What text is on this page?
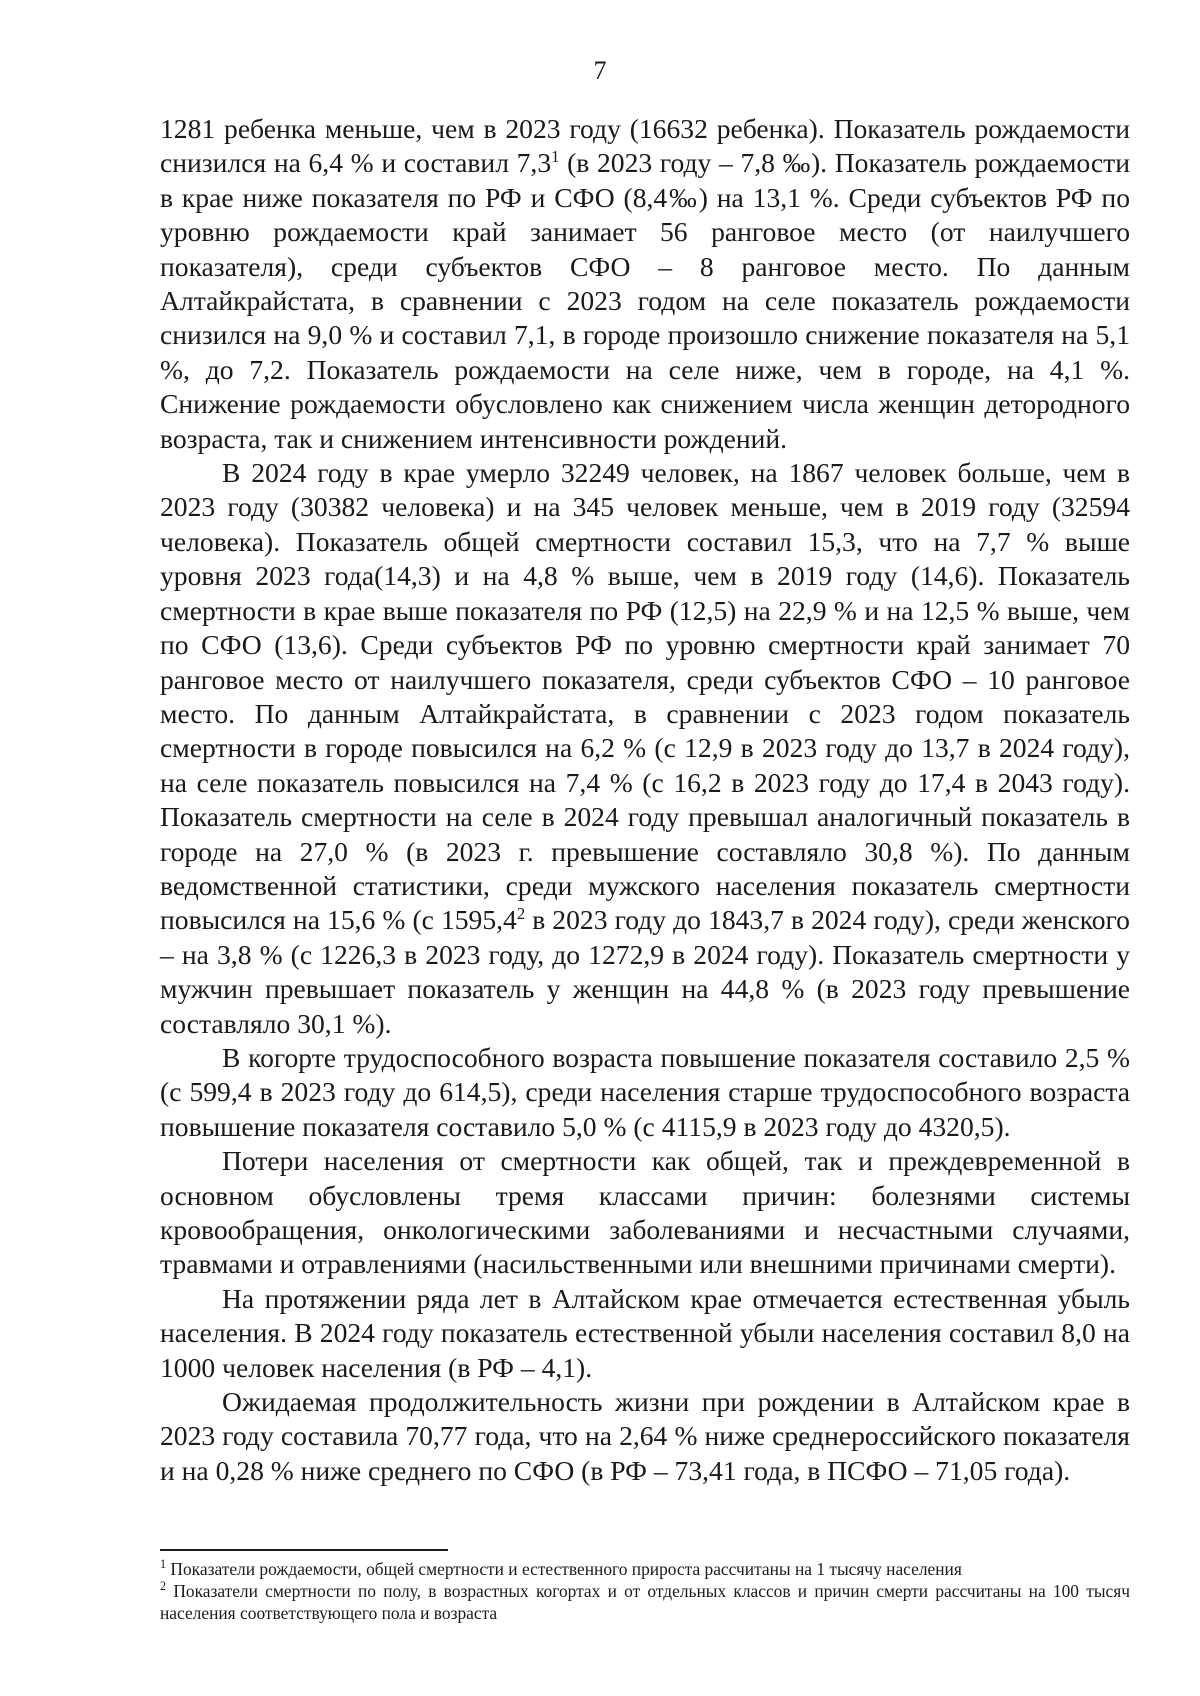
7

1281 ребенка меньше, чем в 2023 году (16632 ребенка). Показатель рождаемости снизился на 6,4 % и составил $7,3^1$ (в 2023 году – 7,8 ‰). Показатель рождаемости в крае ниже показателя по РФ и СФО (8,4‰) на 13,1 %. Среди субъектов РФ по уровню рождаемости край занимает 56 ранговое место (от наилучшего показателя), среди субъектов СФО – 8 ранговое место. По данным Алтайкрайстата, в сравнении с 2023 годом на селе показатель рождаемости снизился на 9,0 % и составил 7,1, в городе произошло снижение показателя на 5,1 %, до 7,2. Показатель рождаемости на селе ниже, чем в городе, на 4,1 %. Снижение рождаемости обусловлено как снижением числа женщин детородного возраста, так и снижением интенсивности рождений.

В 2024 году в крае умерло 32249 человек, на 1867 человек больше, чем в 2023 году (30382 человека) и на 345 человек меньше, чем в 2019 году (32594 человека). Показатель общей смертности составил 15,3, что на 7,7 % выше уровня 2023 года(14,3) и на 4,8 % выше, чем в 2019 году (14,6). Показатель смертности в крае выше показателя по РФ (12,5) на 22,9 % и на 12,5 % выше, чем по СФО (13,6). Среди субъектов РФ по уровню смертности край занимает 70 ранговое место от наилучшего показателя, среди субъектов СФО – 10 ранговое место. По данным Алтайкрайстата, в сравнении с 2023 годом показатель смертности в городе повысился на 6,2 % (с 12,9 в 2023 году до 13,7 в 2024 году), на селе показатель повысился на 7,4 % (с 16,2 в 2023 году до 17,4 в 2043 году). Показатель смертности на селе в 2024 году превышал аналогичный показатель в городе на 27,0 % (в 2023 г. превышение составляло 30,8 %). По данным ведомственной статистики, среди мужского населения показатель смертности повысился на 15,6 % (с 1595,4$^2$ в 2023 году до 1843,7 в 2024 году), среди женского – на 3,8 % (с 1226,3 в 2023 году, до 1272,9 в 2024 году). Показатель смертности у мужчин превышает показатель у женщин на 44,8 % (в 2023 году превышение составляло 30,1 %).

В когорте трудоспособного возраста повышение показателя составило 2,5 % (с 599,4 в 2023 году до 614,5), среди населения старше трудоспособного возраста повышение показателя составило 5,0 % (с 4115,9 в 2023 году до 4320,5).

Потери населения от смертности как общей, так и преждевременной в основном обусловлены тремя классами причин: болезнями системы кровообращения, онкологическими заболеваниями и несчастными случаями, травмами и отравлениями (насильственными или внешними причинами смерти).

На протяжении ряда лет в Алтайском крае отмечается естественная убыль населения. В 2024 году показатель естественной убыли населения составил 8,0 на 1000 человек населения (в РФ – 4,1).

Ожидаемая продолжительность жизни при рождении в Алтайском крае в 2023 году составила 70,77 года, что на 2,64 % ниже среднероссийского показателя и на 0,28 % ниже среднего по СФО (в РФ – 73,41 года, в ПСФО – 71,05 года).

$^1$ Показатели рождаемости, общей смертности и естественного прироста рассчитаны на 1 тысячу населения

$^2$ Показатели смертности по полу, в возрастных когортах и от отдельных классов и причин смерти рассчитаны на 100 тысяч населения соответствующего пола и возраста
